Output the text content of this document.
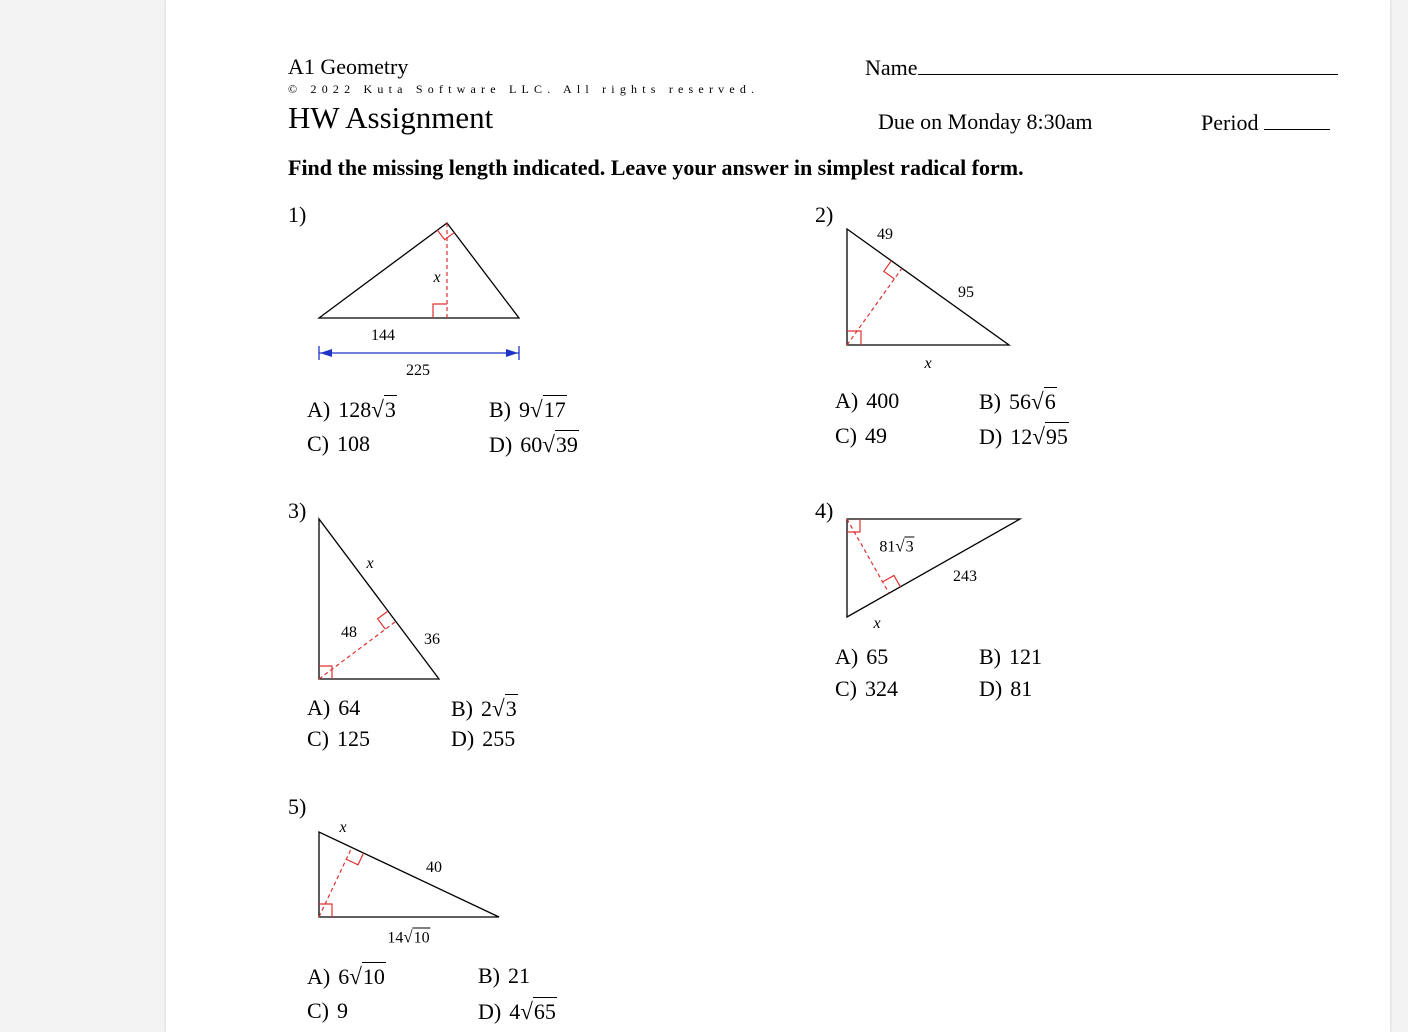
A1 Geometry	Name
© 2022 Kuta Software LLC. All rights reserved.
HW Assignment	Due on Monday 8:30am	Period
Find the missing length indicated. Leave your answer in simplest radical form.
1)	2)
3)	4)
5)
x
144
225
49
95
x
x
48	36
81√3
243
x
x
40
14√10
A) 128√3	B) 9√17
C) 108	D) 60√39
A) 400	B) 56√6
C) 49	D) 12√95
A) 64	B) 2√3
C) 125	D) 255
A) 65	B) 121
C) 324	D) 81
A) 6√10	B) 21
C) 9	D) 4√65
